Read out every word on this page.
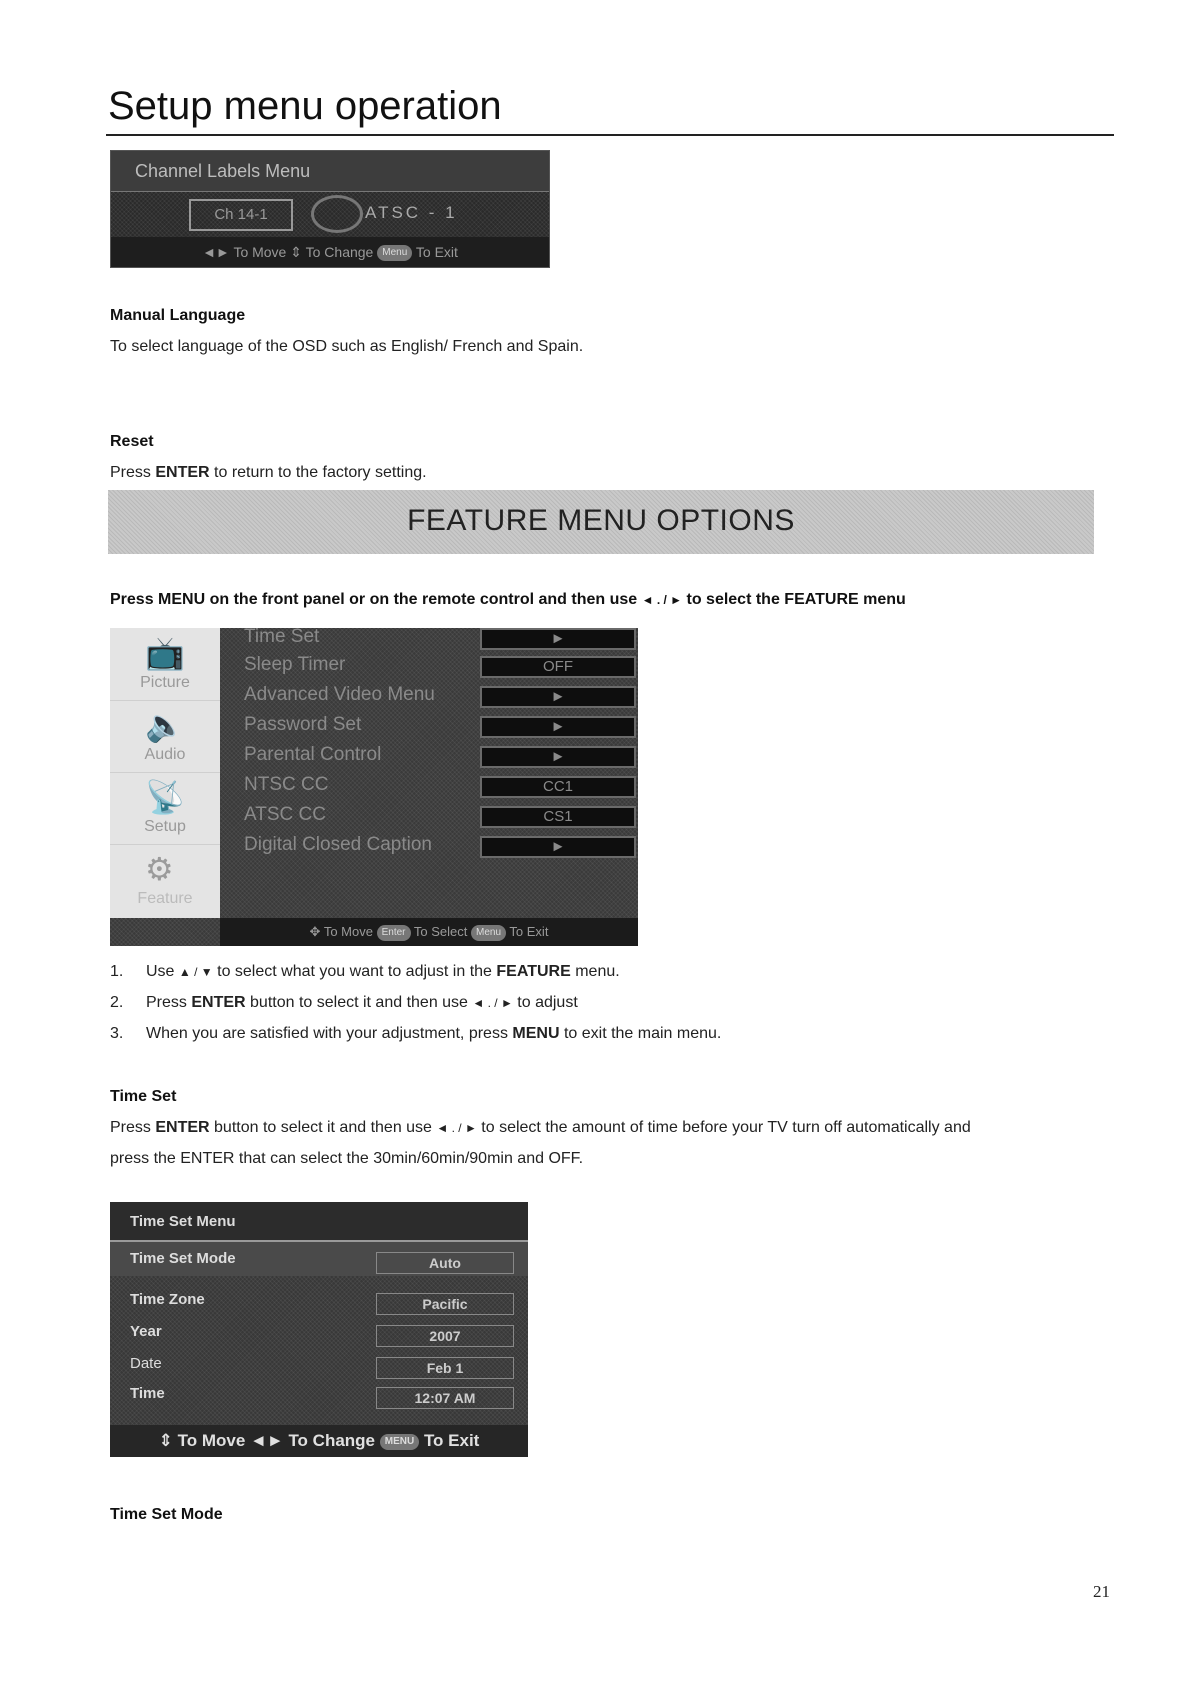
Setup menu operation
Channel Labels Menu
Ch 14-1	ATSC - 1
◄► To Move ⇕ To Change Menu To Exit
Manual Language
To select language of the OSD such as English/ French and Spain.
Reset
Press ENTER to return to the factory setting.
FEATURE MENU OPTIONS
Press MENU on the front panel or on the remote control and then use ◄ . / ► to select the FEATURE menu
📺
Picture
🔈
Audio
📡
Setup
⚙
Feature
Time Set	►
Sleep Timer	OFF
Advanced Video Menu	►
Password Set	►
Parental Control	►
NTSC CC	CC1
ATSC CC	CS1
Digital Closed Caption	►
✥ To Move Enter To Select Menu To Exit
1. Use ▲ / ▼ to select what you want to adjust in the FEATURE menu.
2. Press ENTER button to select it and then use ◄ . / ► to adjust
3. When you are satisfied with your adjustment, press MENU to exit the main menu.
Time Set
Press ENTER button to select it and then use ◄ . / ► to select the amount of time before your TV turn off automatically and
press the ENTER that can select the 30min/60min/90min and OFF.
Time Set Menu
Time Set Mode	Auto
Time Zone	Pacific
Year	2007
Date	Feb 1
Time	12:07 AM
⇕ To Move ◄► To Change MENU To Exit
Time Set Mode
21
